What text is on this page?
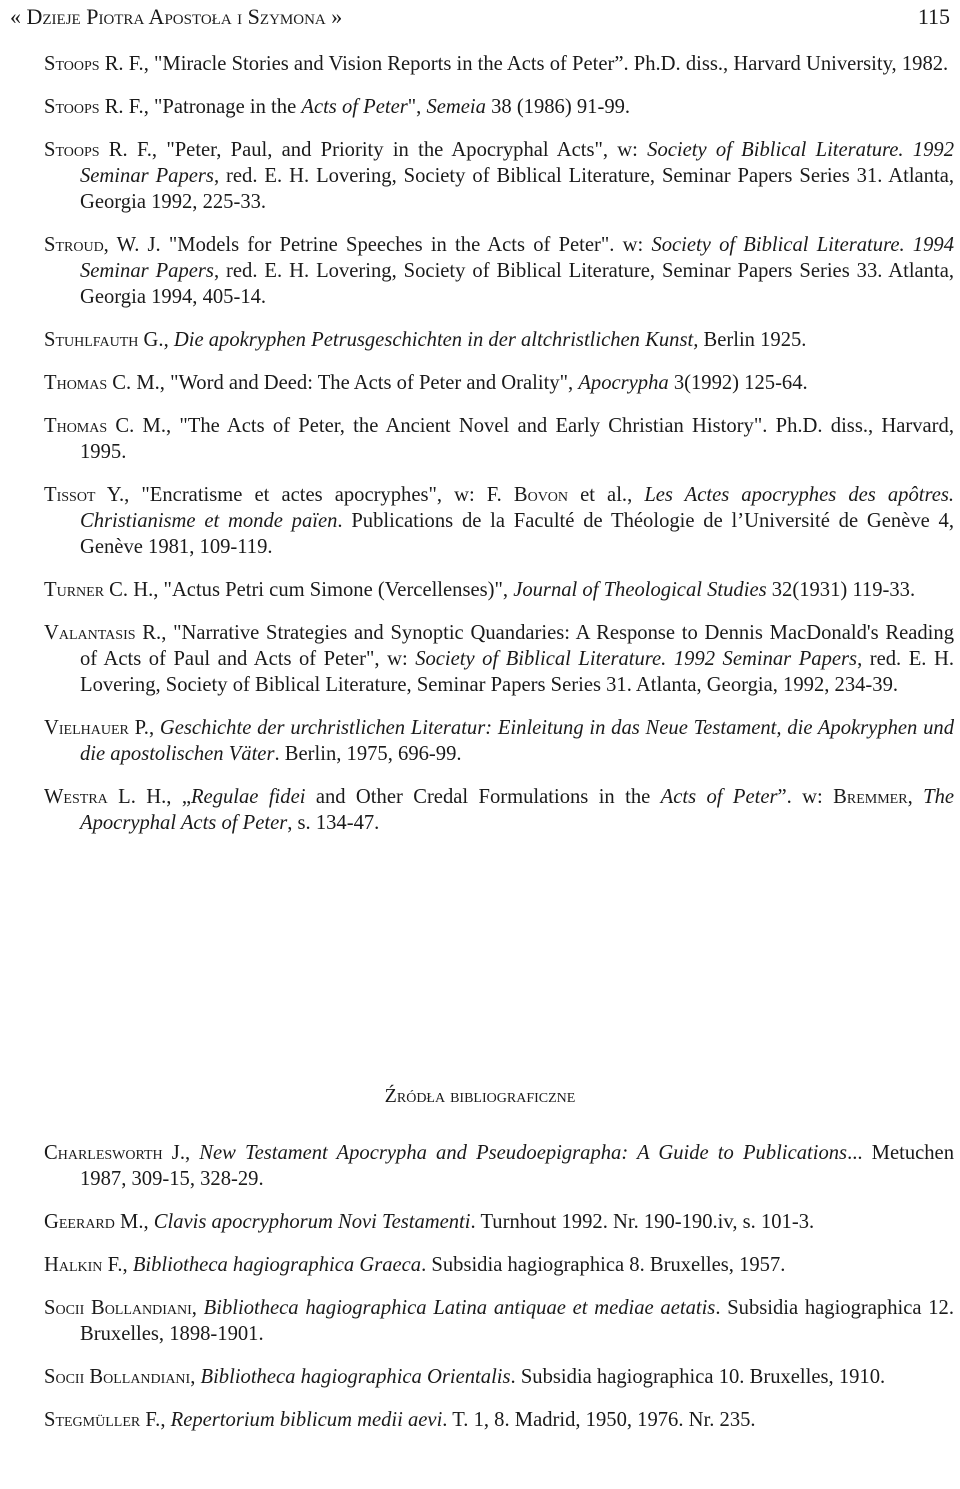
« Dzieje Piotra Apostoła i Szymona »	115

Stoops R. F., "Miracle Stories and Vision Reports in the Acts of Peter”. Ph.D. diss., Harvard University, 1982.

Stoops R. F., "Patronage in the Acts of Peter", Semeia 38 (1986) 91-99.

Stoops R. F., "Peter, Paul, and Priority in the Apocryphal Acts", w: Society of Biblical Literature. 1992 Seminar Papers, red. E. H. Lovering, Society of Biblical Literature, Seminar Papers Series 31. Atlanta, Georgia 1992, 225-33.

Stroud, W. J. "Models for Petrine Speeches in the Acts of Peter". w: Society of Biblical Literature. 1994 Seminar Papers, red. E. H. Lovering, Society of Biblical Literature, Seminar Papers Series 33. Atlanta, Georgia 1994, 405-14.

Stuhlfauth G., Die apokryphen Petrusgeschichten in der altchristlichen Kunst, Berlin 1925.

Thomas C. M., "Word and Deed: The Acts of Peter and Orality", Apocrypha 3(1992) 125-64.

Thomas C. M., "The Acts of Peter, the Ancient Novel and Early Christian History". Ph.D. diss., Harvard, 1995.

Tissot Y., "Encratisme et actes apocryphes", w: F. Bovon et al., Les Actes apocryphes des apôtres. Christianisme et monde païen. Publications de la Faculté de Théologie de l’Université de Genève 4, Genève 1981, 109-119.

Turner C. H., "Actus Petri cum Simone (Vercellenses)", Journal of Theological Studies 32(1931) 119-33.

Valantasis R., "Narrative Strategies and Synoptic Quandaries: A Response to Dennis MacDonald's Reading of Acts of Paul and Acts of Peter", w: Society of Biblical Literature. 1992 Seminar Papers, red. E. H. Lovering, Society of Biblical Literature, Seminar Papers Series 31. Atlanta, Georgia, 1992, 234-39.

Vielhauer P., Geschichte der urchristlichen Literatur: Einleitung in das Neue Testament, die Apokryphen und die apostolischen Väter. Berlin, 1975, 696-99.

Westra L. H., „Regulae fidei and Other Credal Formulations in the Acts of Peter”. w: Bremmer, The Apocryphal Acts of Peter, s. 134-47.

Źródła bibliograficzne

Charlesworth J., New Testament Apocrypha and Pseudoepigrapha: A Guide to Publications... Metuchen 1987, 309-15, 328-29.

Geerard M., Clavis apocryphorum Novi Testamenti. Turnhout 1992. Nr. 190-190.iv, s. 101-3.

Halkin F., Bibliotheca hagiographica Graeca. Subsidia hagiographica 8. Bruxelles, 1957.

Socii Bollandiani, Bibliotheca hagiographica Latina antiquae et mediae aetatis. Subsidia hagiographica 12. Bruxelles, 1898-1901.

Socii Bollandiani, Bibliotheca hagiographica Orientalis. Subsidia hagiographica 10. Bruxelles, 1910.

Stegmüller F., Repertorium biblicum medii aevi. T. 1, 8. Madrid, 1950, 1976. Nr. 235.
